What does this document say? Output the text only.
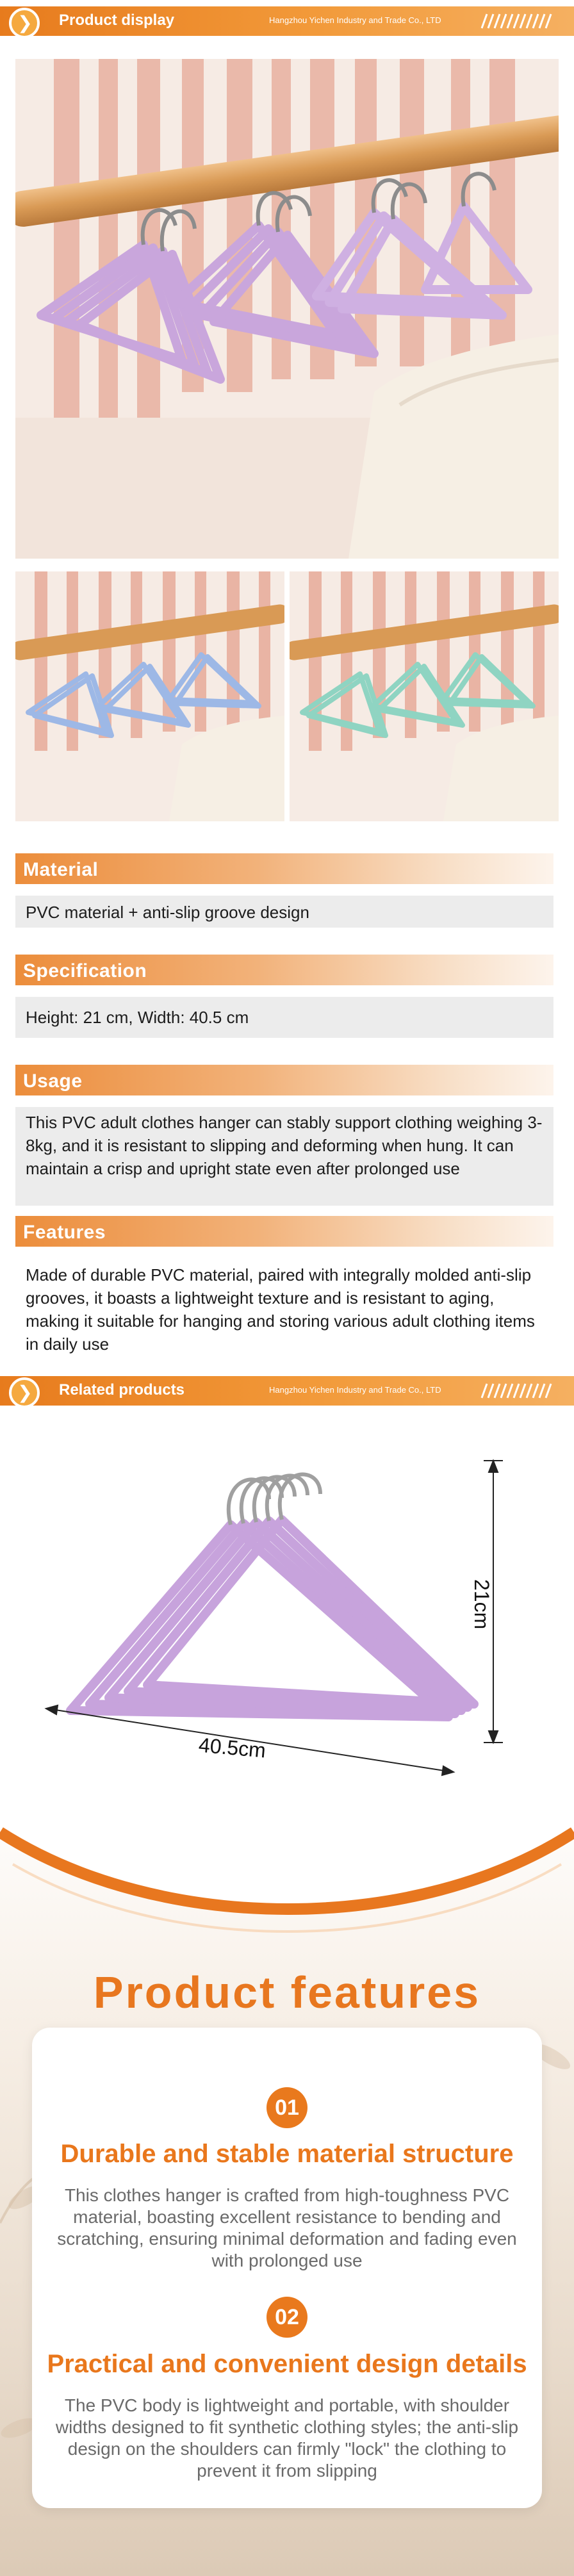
❯ Product display	Hangzhou Yichen Industry and Trade Co., LTD
Material
PVC material + anti-slip groove design
Specification
Height: 21 cm, Width: 40.5 cm
Usage
This PVC adult clothes hanger can stably support clothing weighing 3-8kg, and it is resistant to slipping and deforming when hung. It can maintain a crisp and upright state even after prolonged use
Features
Made of durable PVC material, paired with integrally molded anti-slip grooves, it boasts a lightweight texture and is resistant to aging, making it suitable for hanging and storing various adult clothing items in daily use
❯ Related products	Hangzhou Yichen Industry and Trade Co., LTD
21cm
40.5cm
Product features
01
Durable and stable material structure
This clothes hanger is crafted from high-toughness PVC material, boasting excellent resistance to bending and scratching, ensuring minimal deformation and fading even with prolonged use
02
Practical and convenient design details
The PVC body is lightweight and portable, with shoulder widths designed to fit synthetic clothing styles; the anti-slip design on the shoulders can firmly "lock" the clothing to prevent it from slipping
